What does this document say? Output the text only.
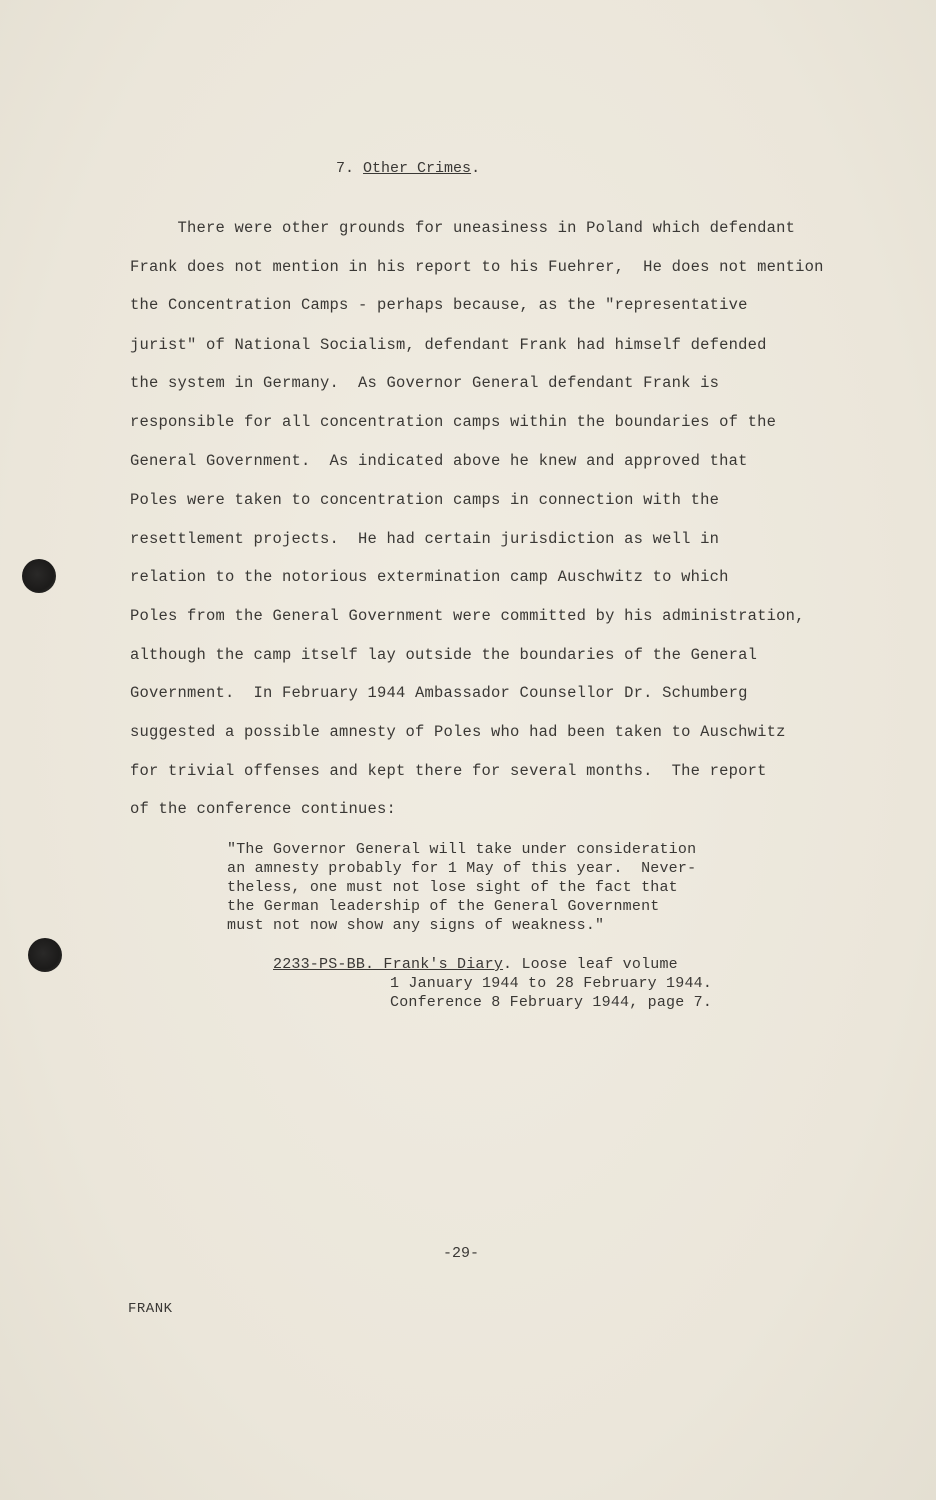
7. Other Crimes.
There were other grounds for uneasiness in Poland which defendant
Frank does not mention in his report to his Fuehrer,  He does not mention
the Concentration Camps - perhaps because, as the "representative
jurist" of National Socialism, defendant Frank had himself defended
the system in Germany.  As Governor General defendant Frank is
responsible for all concentration camps within the boundaries of the
General Government.  As indicated above he knew and approved that
Poles were taken to concentration camps in connection with the
resettlement projects.  He had certain jurisdiction as well in
relation to the notorious extermination camp Auschwitz to which
Poles from the General Government were committed by his administration,
although the camp itself lay outside the boundaries of the General
Government.  In February 1944 Ambassador Counsellor Dr. Schumberg
suggested a possible amnesty of Poles who had been taken to Auschwitz
for trivial offenses and kept there for several months.  The report
of the conference continues:
"The Governor General will take under consideration
an amnesty probably for 1 May of this year.  Never-
theless, one must not lose sight of the fact that
the German leadership of the General Government
must not now show any signs of weakness."
2233-PS-BB. Frank's Diary. Loose leaf volume
1 January 1944 to 28 February 1944.
Conference 8 February 1944, page 7.
-29-
FRANK
